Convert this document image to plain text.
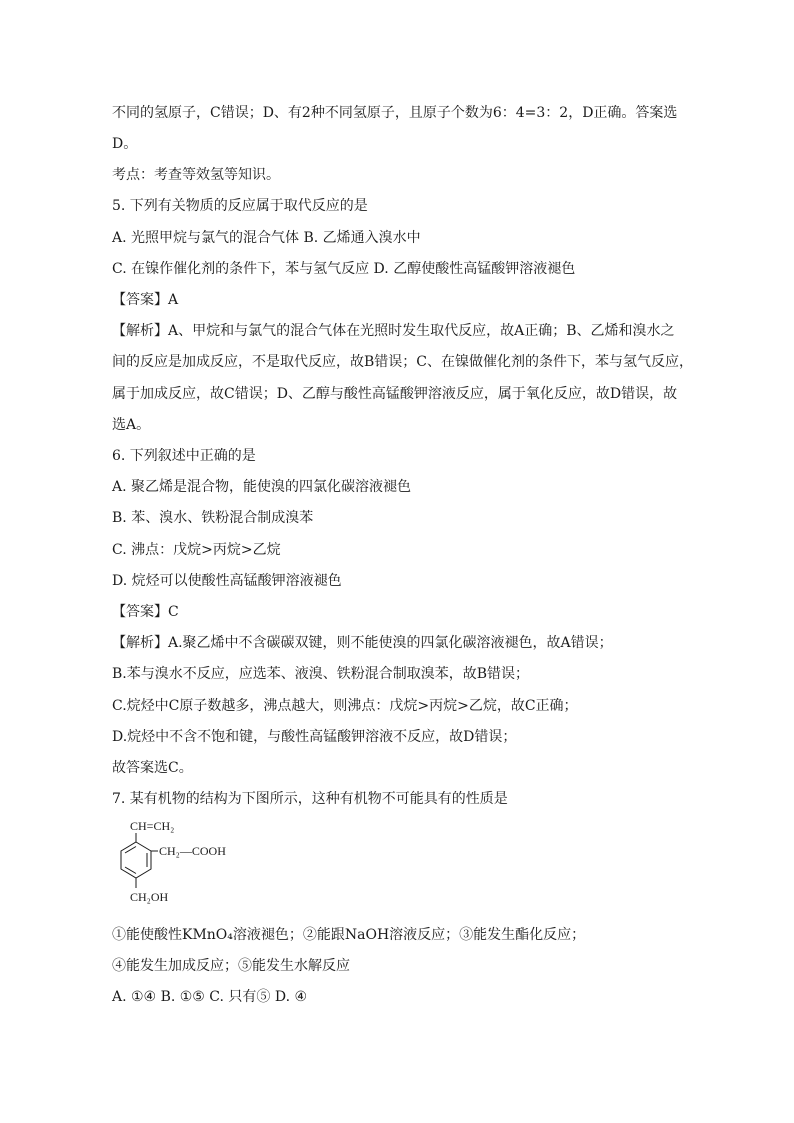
不同的氢原子，C错误；D、有2种不同氢原子，且原子个数为6：4=3：2，D正确。答案选
D。
考点：考查等效氢等知识。
5. 下列有关物质的反应属于取代反应的是
A. 光照甲烷与氯气的混合气体 B. 乙烯通入溴水中
C. 在镍作催化剂的条件下，苯与氢气反应 D. 乙醇使酸性高锰酸钾溶液褪色
【答案】A
【解析】A、甲烷和与氯气的混合气体在光照时发生取代反应，故A正确；B、乙烯和溴水之
间的反应是加成反应，不是取代反应，故B错误；C、在镍做催化剂的条件下，苯与氢气反应，
属于加成反应，故C错误；D、乙醇与酸性高锰酸钾溶液反应，属于氧化反应，故D错误，故
选A。
6. 下列叙述中正确的是
A. 聚乙烯是混合物，能使溴的四氯化碳溶液褪色
B. 苯、溴水、铁粉混合制成溴苯
C. 沸点：戊烷>丙烷>乙烷
D. 烷烃可以使酸性高锰酸钾溶液褪色
【答案】C
【解析】A.聚乙烯中不含碳碳双键，则不能使溴的四氯化碳溶液褪色，故A错误；
B.苯与溴水不反应，应选苯、液溴、铁粉混合制取溴苯，故B错误；
C.烷烃中C原子数越多，沸点越大，则沸点：戊烷>丙烷>乙烷，故C正确；
D.烷烃中不含不饱和键，与酸性高锰酸钾溶液不反应，故D错误；
故答案选C。
7. 某有机物的结构为下图所示，这种有机物不可能具有的性质是
CH=CH₂
CH₂—COOH
CH₂OH
①能使酸性KMnO₄溶液褪色；②能跟NaOH溶液反应；③能发生酯化反应；
④能发生加成反应；⑤能发生水解反应
A. ①④ B. ①⑤ C. 只有⑤ D. ④
